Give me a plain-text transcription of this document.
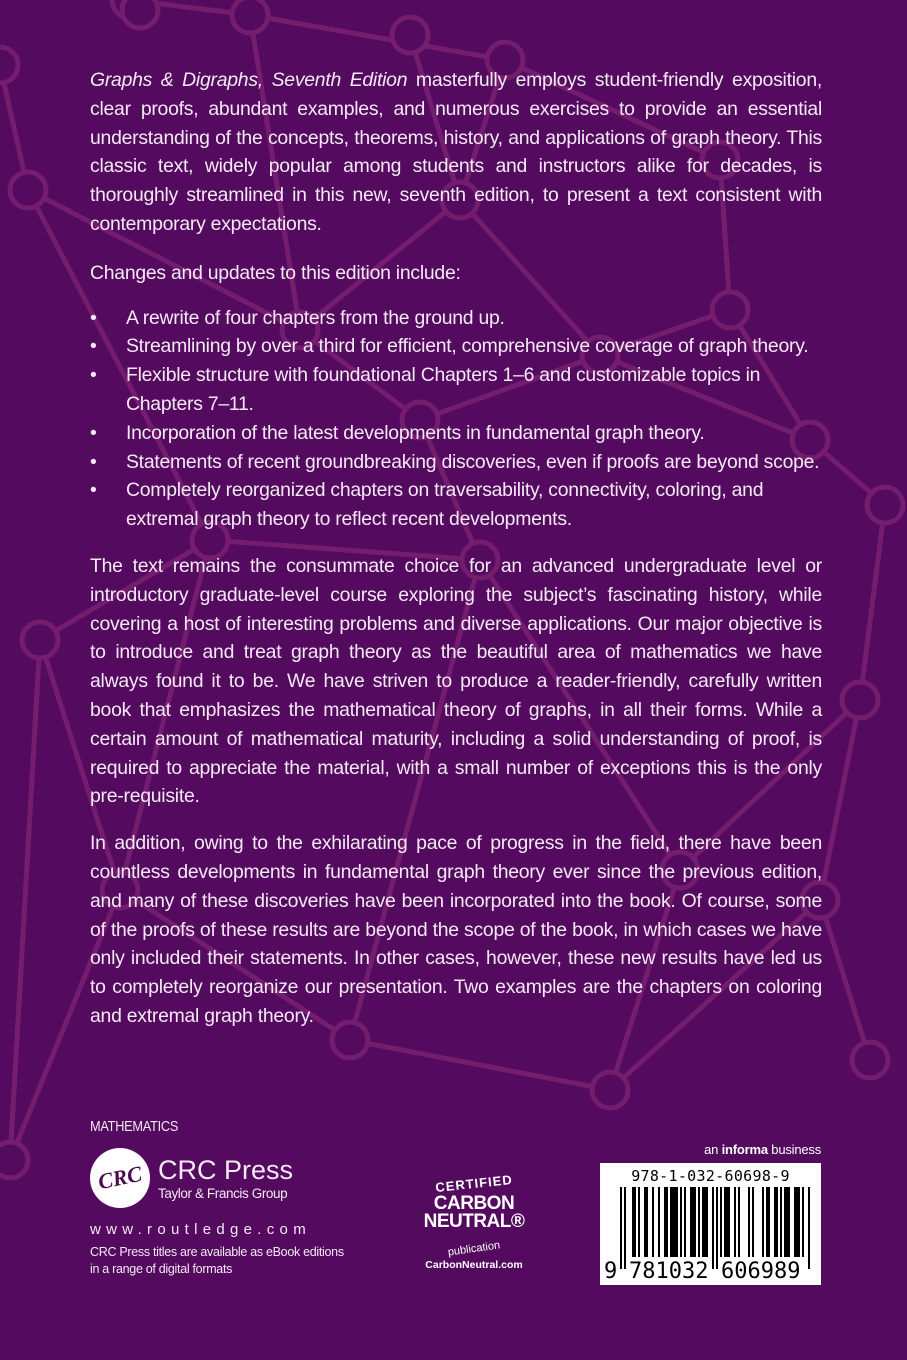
Graphs & Digraphs, Seventh Edition masterfully employs student-friendly exposition, clear proofs, abundant examples, and numerous exercises to provide an essential understanding of the concepts, theorems, history, and applications of graph theory. This classic text, widely popular among students and instructors alike for decades, is thoroughly streamlined in this new, seventh edition, to present a text consistent with contemporary expectations.

Changes and updates to this edition include:

• A rewrite of four chapters from the ground up.
• Streamlining by over a third for efficient, comprehensive coverage of graph theory.
• Flexible structure with foundational Chapters 1–6 and customizable topics in Chapters 7–11.
• Incorporation of the latest developments in fundamental graph theory.
• Statements of recent groundbreaking discoveries, even if proofs are beyond scope.
• Completely reorganized chapters on traversability, connectivity, coloring, and extremal graph theory to reflect recent developments.

The text remains the consummate choice for an advanced undergraduate level or introductory graduate-level course exploring the subject’s fascinating history, while covering a host of interesting problems and diverse applications. Our major objective is to introduce and treat graph theory as the beautiful area of mathematics we have always found it to be. We have striven to produce a reader-friendly, carefully written book that emphasizes the mathematical theory of graphs, in all their forms. While a certain amount of mathematical maturity, including a solid understanding of proof, is required to appreciate the material, with a small number of exceptions this is the only pre-requisite.

In addition, owing to the exhilarating pace of progress in the field, there have been countless developments in fundamental graph theory ever since the previous edition, and many of these discoveries have been incorporated into the book. Of course, some of the proofs of these results are beyond the scope of the book, in which cases we have only included their statements. In other cases, however, these new results have led us to completely reorganize our presentation. Two examples are the chapters on coloring and extremal graph theory.

MATHEMATICS
CRC CRC Press
Taylor & Francis Group
www.routledge.com
CRC Press titles are available as eBook editions
in a range of digital formats
CERTIFIED
CARBON
NEUTRAL®
publication
CarbonNeutral.com
an informa business
978-1-032-60698-9
9 781032 606989
